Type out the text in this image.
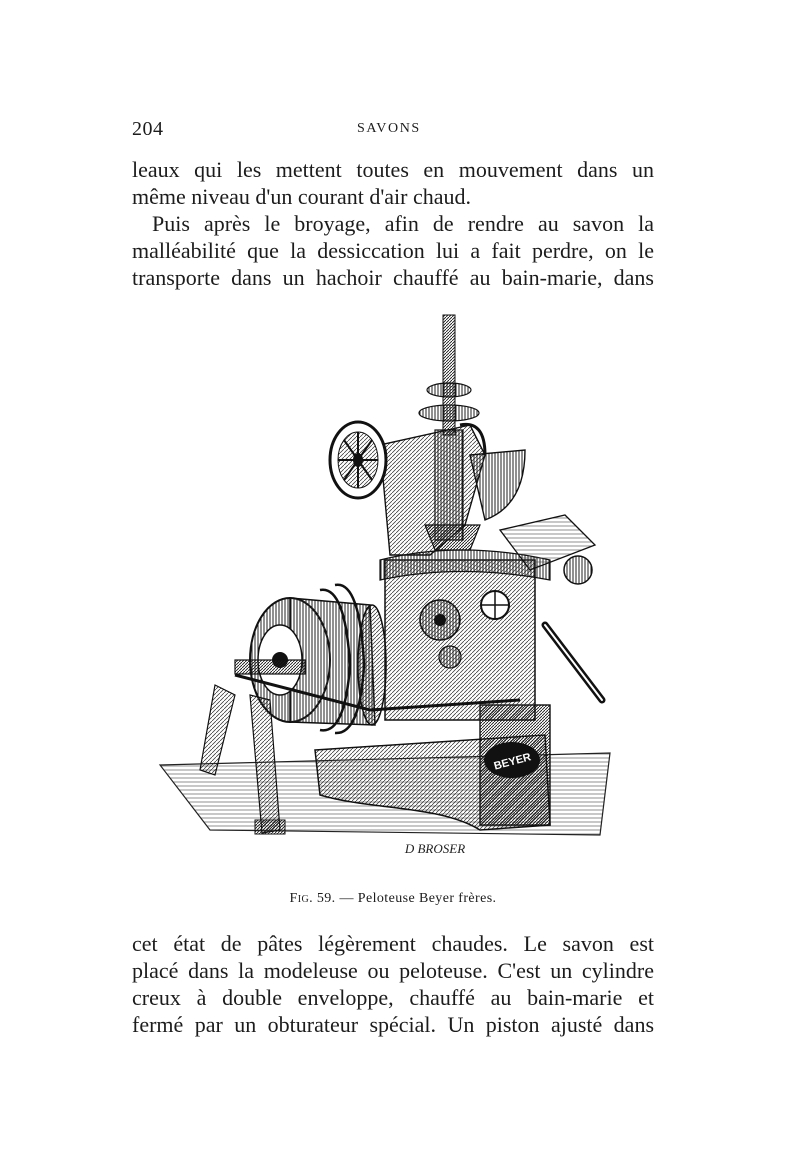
204	SAVONS
leaux qui les mettent toutes en mouvement dans un
même niveau d'un courant d'air chaud.
Puis après le broyage, afin de rendre au savon la
malléabilité que la dessiccation lui a fait perdre, on le
transporte dans un hachoir chauffé au bain-marie, dans
BEYER
D BROSER
Fig. 59. — Peloteuse Beyer frères.
cet état de pâtes légèrement chaudes. Le savon est
placé dans la modeleuse ou peloteuse. C'est un cylindre
creux à double enveloppe, chauffé au bain-marie et
fermé par un obturateur spécial. Un piston ajusté dans
